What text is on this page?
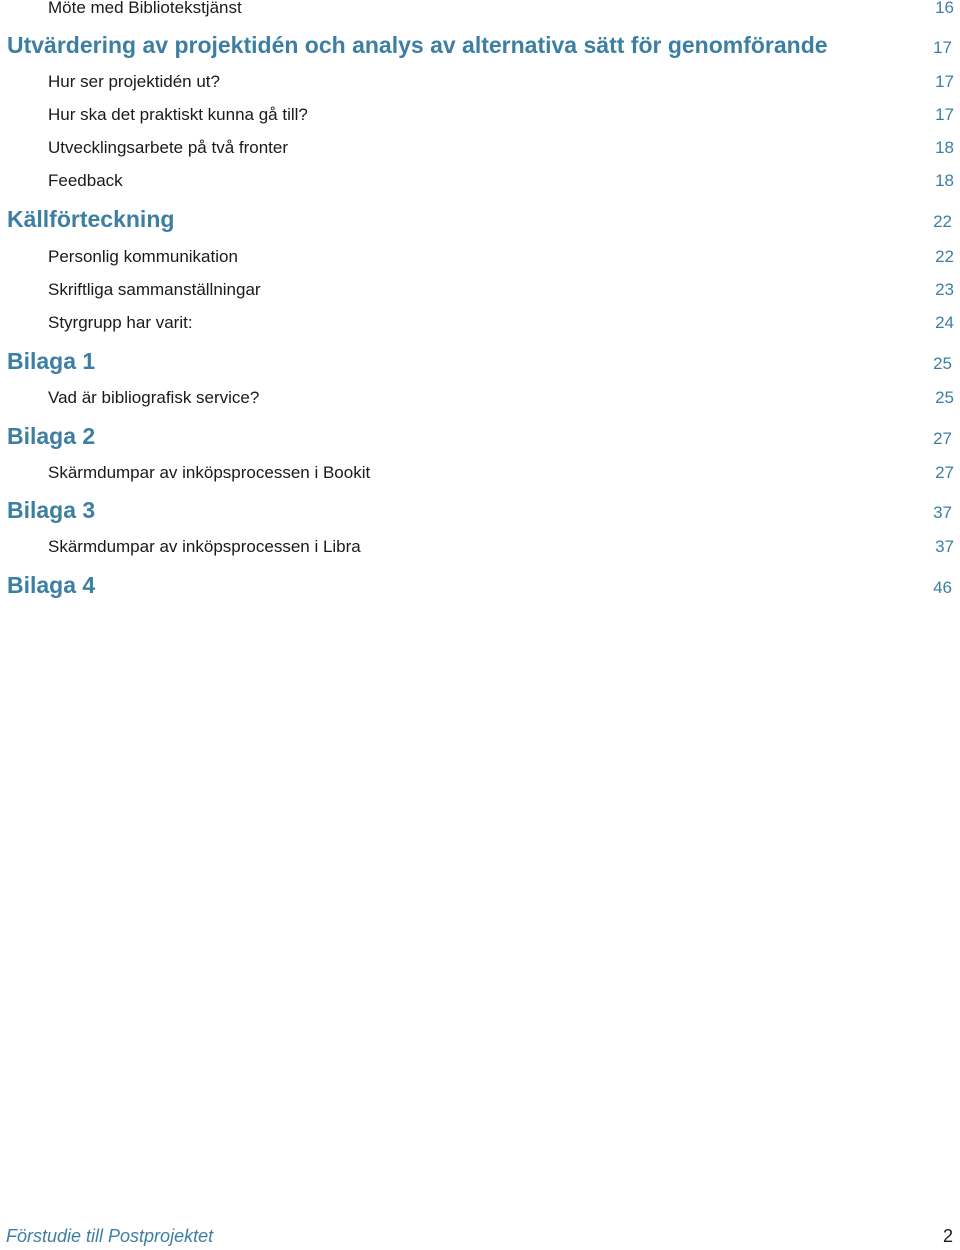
Möte med Bibliotekstjänst	16
Utvärdering av projektidén och analys av alternativa sätt för genomförande	17
Hur ser projektidén ut?	17
Hur ska det praktiskt kunna gå till?	17
Utvecklingsarbete på två fronter	18
Feedback	18
Källförteckning	22
Personlig kommunikation	22
Skriftliga sammanställningar	23
Styrgrupp har varit:	24
Bilaga 1	25
Vad är bibliografisk service?	25
Bilaga 2	27
Skärmdumpar av inköpsprocessen i Bookit	27
Bilaga 3	37
Skärmdumpar av inköpsprocessen i Libra	37
Bilaga 4	46
Förstudie till Postprojektet	2
